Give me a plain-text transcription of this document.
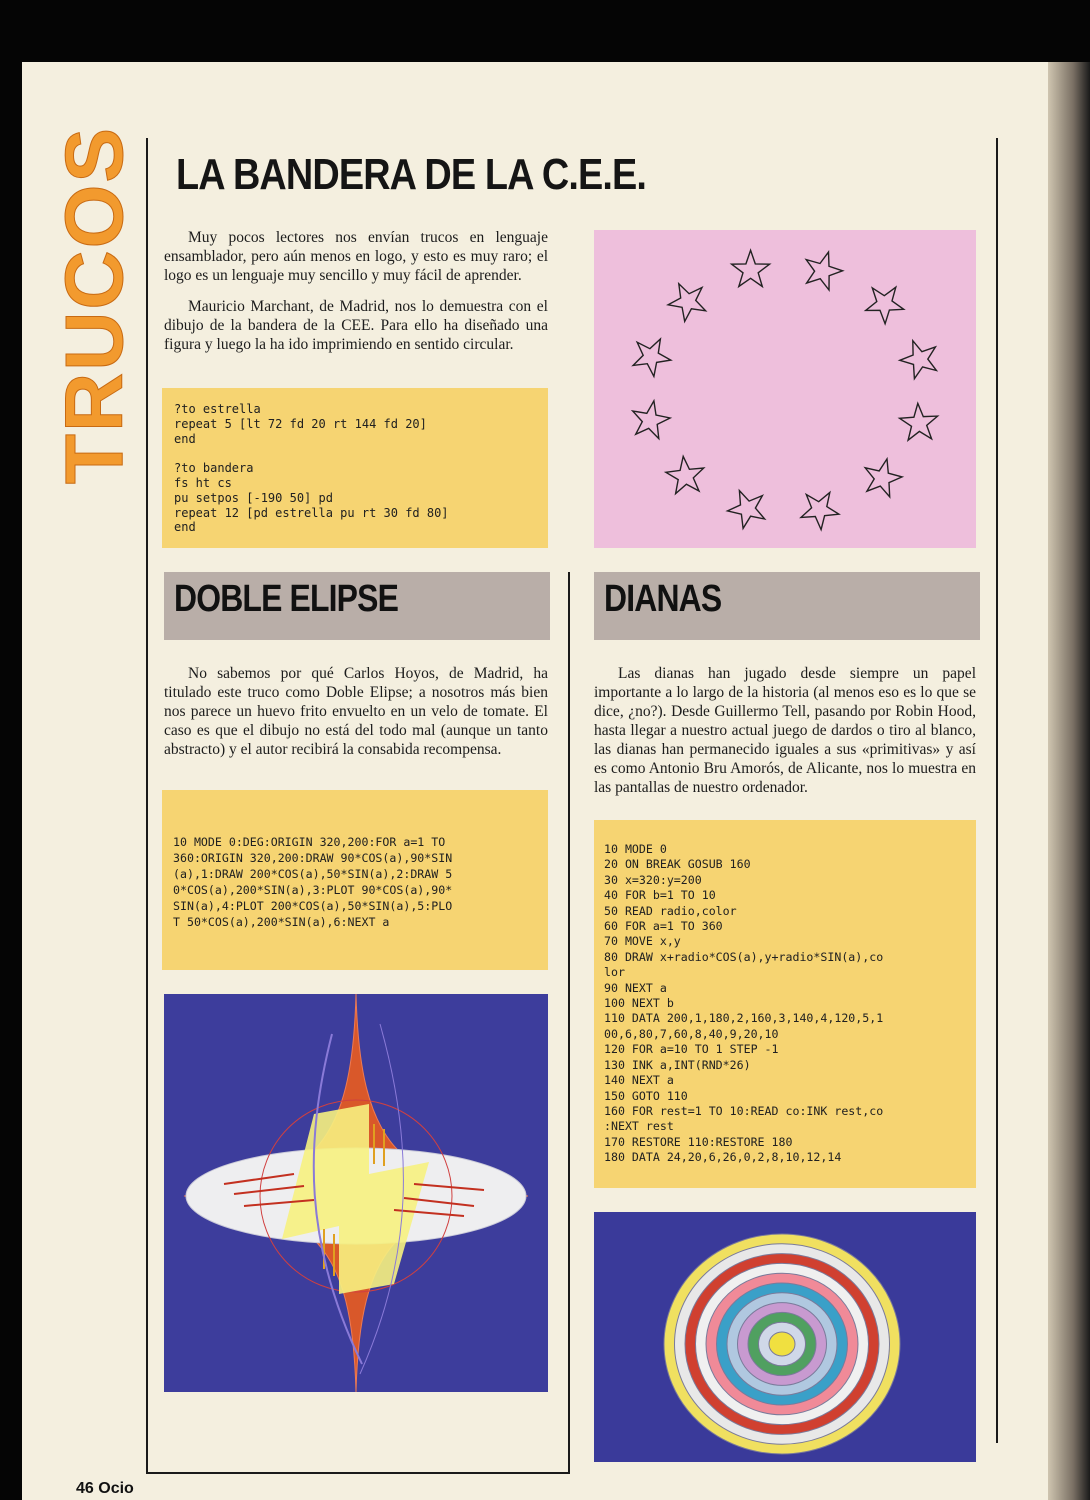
TRUCOS LA BANDERA DE LA C.E.E.

Muy pocos lectores nos envían trucos en lenguaje ensamblador, pero aún menos en logo, y esto es muy raro; el logo es un lenguaje muy sencillo y muy fácil de aprender.

Mauricio Marchant, de Madrid, nos lo demuestra con el dibujo de la bandera de la CEE. Para ello ha diseñado una figura y luego la ha ido imprimiendo en sentido circular.

?to estrella
repeat 5 [lt 72 fd 20 rt 144 fd 20]
end

?to bandera
fs ht cs
pu setpos [-190 50] pd
repeat 12 [pd estrella pu rt 30 fd 80]
end
DOBLE ELIPSE

No sabemos por qué Carlos Hoyos, de Madrid, ha titulado este truco como Doble Elipse; a nosotros más bien nos parece un huevo frito envuelto en un velo de tomate. El caso es que el dibujo no está del todo mal (aunque un tanto abstracto) y el autor recibirá la consabida recompensa.

10 MODE 0:DEG:ORIGIN 320,200:FOR a=1 TO
360:ORIGIN 320,200:DRAW 90*COS(a),90*SIN
(a),1:DRAW 200*COS(a),50*SIN(a),2:DRAW 5
0*COS(a),200*SIN(a),3:PLOT 90*COS(a),90*
SIN(a),4:PLOT 200*COS(a),50*SIN(a),5:PLO
T 50*COS(a),200*SIN(a),6:NEXT a
DIANAS

Las dianas han jugado desde siempre un papel importante a lo largo de la historia (al menos eso es lo que se dice, ¿no?). Desde Guillermo Tell, pasando por Robin Hood, hasta llegar a nuestro actual juego de dardos o tiro al blanco, las dianas han permanecido iguales a sus «primitivas» y así es como Antonio Bru Amorós, de Alicante, nos lo muestra en las pantallas de nuestro ordenador.

10 MODE 0
20 ON BREAK GOSUB 160
30 x=320:y=200
40 FOR b=1 TO 10
50 READ radio,color
60 FOR a=1 TO 360
70 MOVE x,y
80 DRAW x+radio*COS(a),y+radio*SIN(a),co
lor
90 NEXT a
100 NEXT b
110 DATA 200,1,180,2,160,3,140,4,120,5,1
00,6,80,7,60,8,40,9,20,10
120 FOR a=10 TO 1 STEP -1
130 INK a,INT(RND*26)
140 NEXT a
150 GOTO 110
160 FOR rest=1 TO 10:READ co:INK rest,co
:NEXT rest
170 RESTORE 110:RESTORE 180
180 DATA 24,20,6,26,0,2,8,10,12,14
46 Ocio
